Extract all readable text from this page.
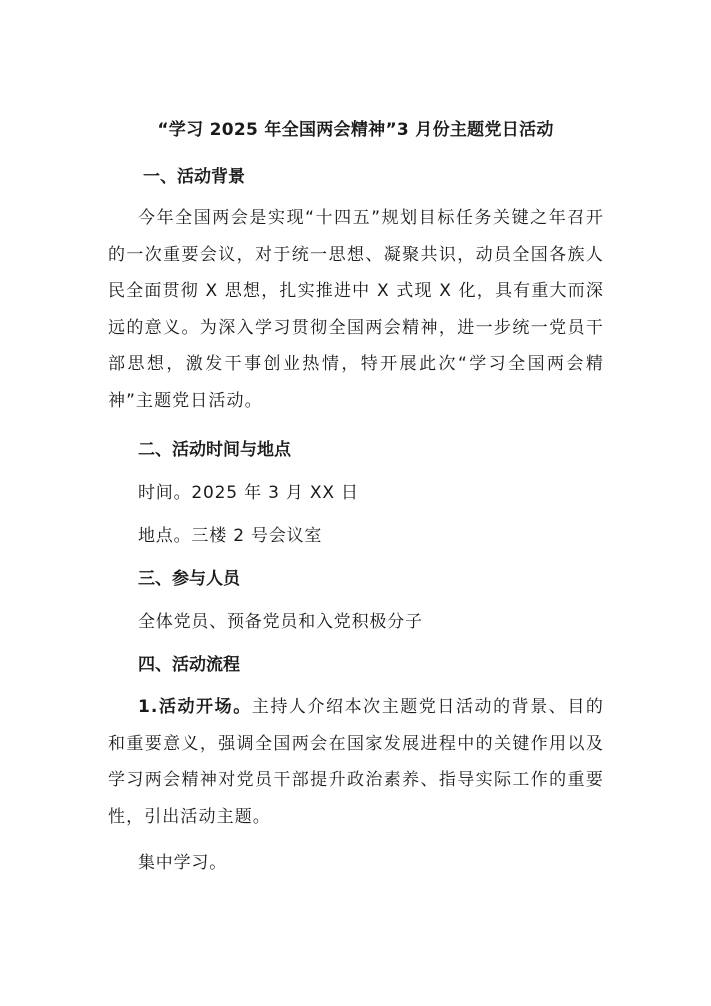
“学习 2025 年全国两会精神”3 月份主题党日活动
一、活动背景
今年全国两会是实现“十四五”规划目标任务关键之年召开的一次重要会议，对于统一思想、凝聚共识，动员全国各族人民全面贯彻 X 思想，扎实推进中 X 式现 X 化，具有重大而深远的意义。为深入学习贯彻全国两会精神，进一步统一党员干部思想，激发干事创业热情，特开展此次“学习全国两会精神”主题党日活动。
二、活动时间与地点
时间。2025 年 3 月 XX 日
地点。三楼 2 号会议室
三、参与人员
全体党员、预备党员和入党积极分子
四、活动流程
1.活动开场。主持人介绍本次主题党日活动的背景、目的和重要意义，强调全国两会在国家发展进程中的关键作用以及学习两会精神对党员干部提升政治素养、指导实际工作的重要性，引出活动主题。
集中学习。
